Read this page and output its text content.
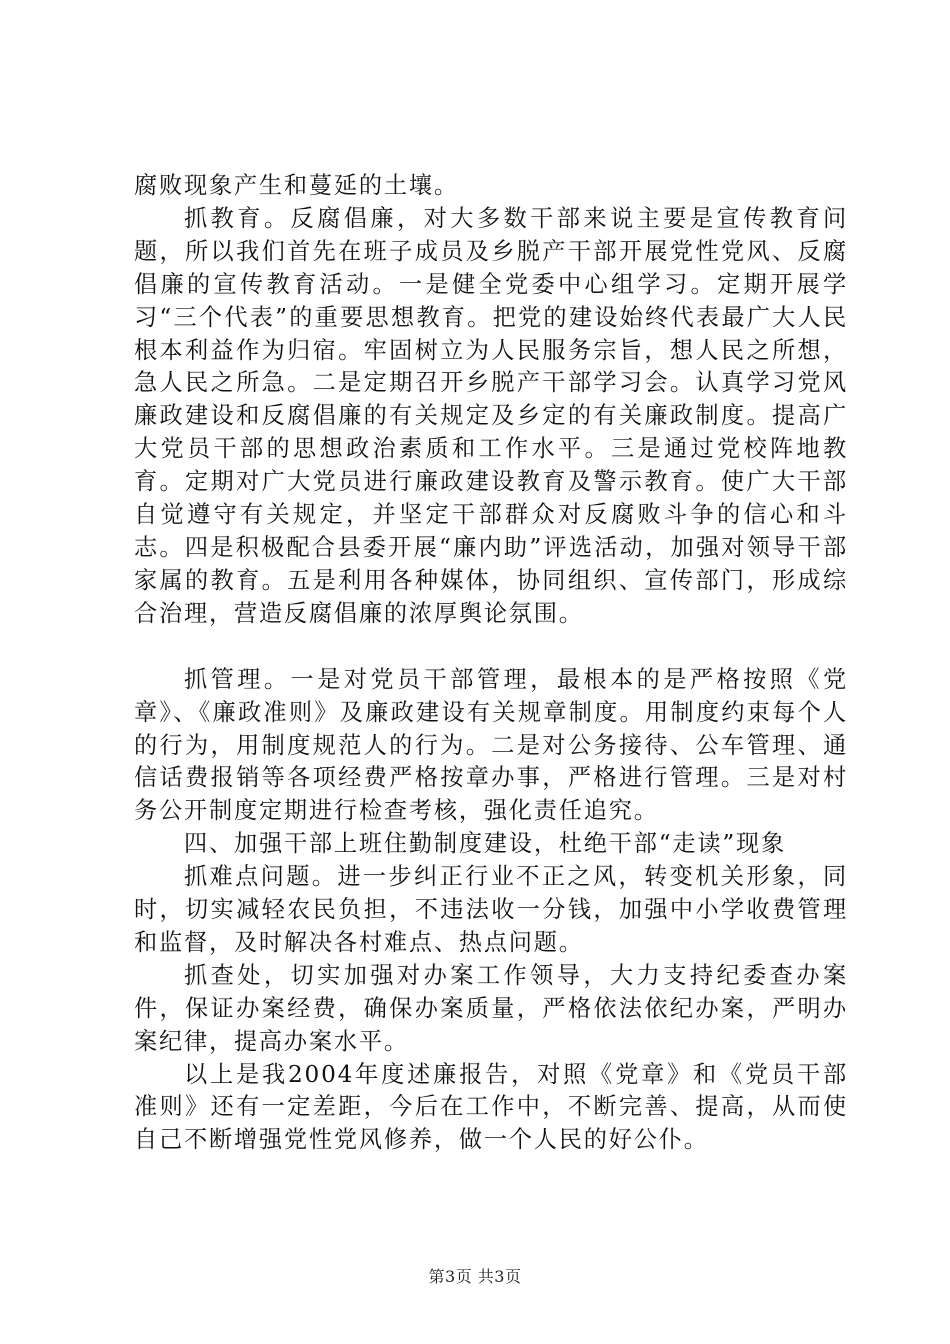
腐败现象产生和蔓延的土壤。

抓教育。反腐倡廉，对大多数干部来说主要是宣传教育问题，所以我们首先在班子成员及乡脱产干部开展党性党风、反腐倡廉的宣传教育活动。一是健全党委中心组学习。定期开展学习“三个代表”的重要思想教育。把党的建设始终代表最广大人民根本利益作为归宿。牢固树立为人民服务宗旨，想人民之所想，急人民之所急。二是定期召开乡脱产干部学习会。认真学习党风廉政建设和反腐倡廉的有关规定及乡定的有关廉政制度。提高广大党员干部的思想政治素质和工作水平。三是通过党校阵地教育。定期对广大党员进行廉政建设教育及警示教育。使广大干部自觉遵守有关规定，并坚定干部群众对反腐败斗争的信心和斗志。四是积极配合县委开展“廉内助”评选活动，加强对领导干部家属的教育。五是利用各种媒体，协同组织、宣传部门，形成综合治理，营造反腐倡廉的浓厚舆论氛围。

抓管理。一是对党员干部管理，最根本的是严格按照《党章》、《廉政准则》及廉政建设有关规章制度。用制度约束每个人的行为，用制度规范人的行为。二是对公务接待、公车管理、通信话费报销等各项经费严格按章办事，严格进行管理。三是对村务公开制度定期进行检查考核，强化责任追究。

四、加强干部上班住勤制度建设，杜绝干部“走读”现象

抓难点问题。进一步纠正行业不正之风，转变机关形象，同时，切实减轻农民负担，不违法收一分钱，加强中小学收费管理和监督，及时解决各村难点、热点问题。

抓查处，切实加强对办案工作领导，大力支持纪委查办案件，保证办案经费，确保办案质量，严格依法依纪办案，严明办案纪律，提高办案水平。

以上是我2004年度述廉报告，对照《党章》和《党员干部准则》还有一定差距，今后在工作中，不断完善、提高，从而使自己不断增强党性党风修养，做一个人民的好公仆。

第3页 共3页
